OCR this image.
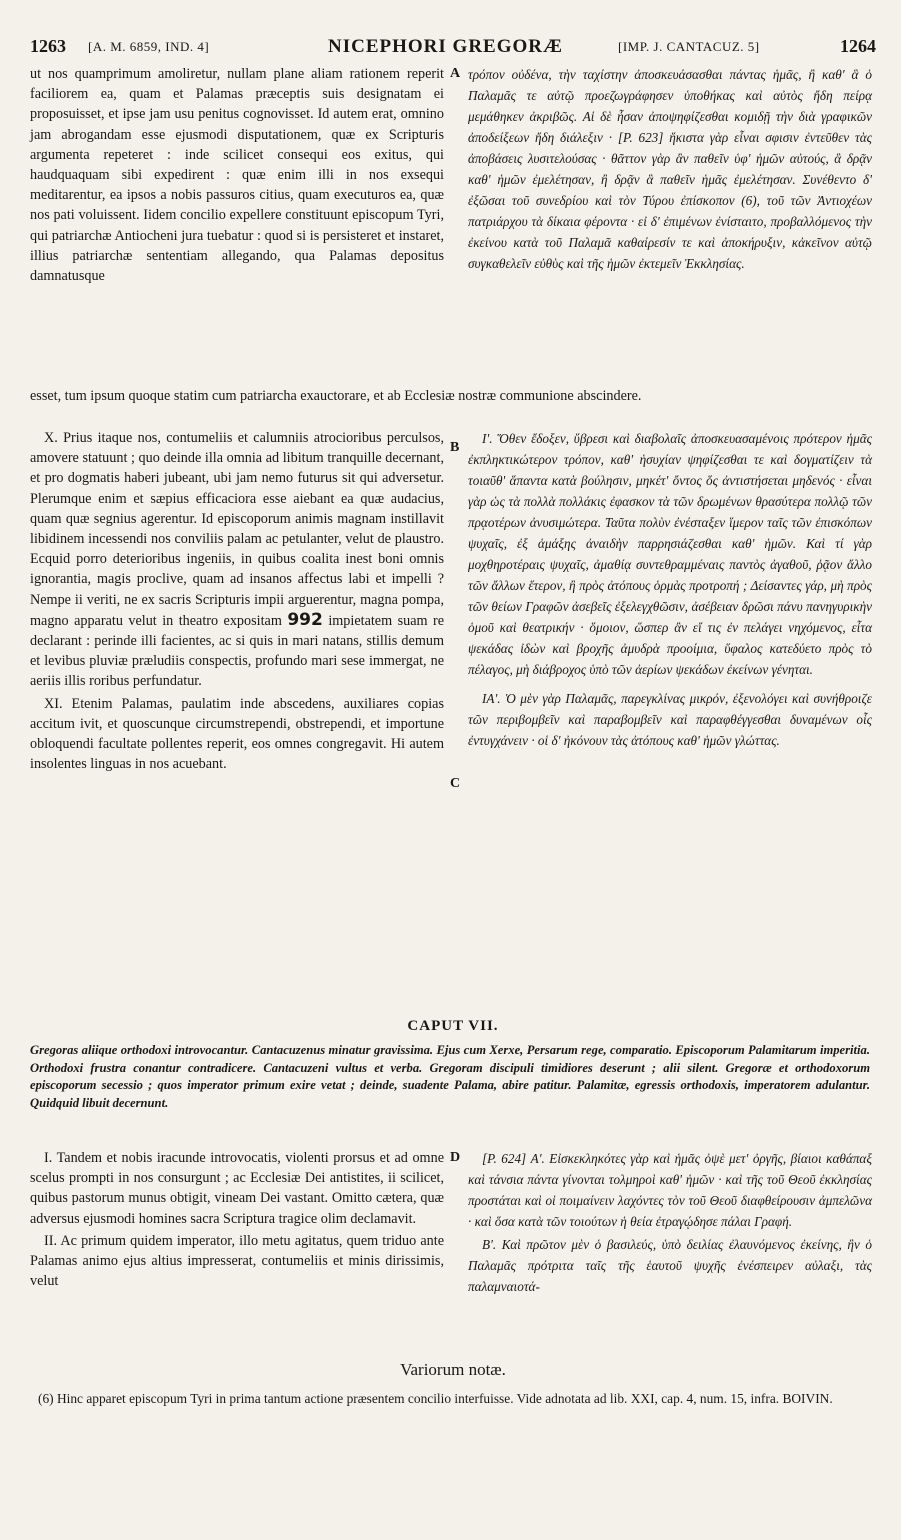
1263 [A. M. 6859, IND. 4]	NICEPHORI GREGORÆ	[IMP. J. CANTACUZ. 5]	1264

ut nos quamprimum amoliretur, nullam plane aliam rationem reperit faciliorem ea, quam et Palamas præceptis suis designatam ei proposuisset, et ipse jam usu penitus cognovisset. Id autem erat, omnino jam abrogandam esse ejusmodi disputationem, quæ ex Scripturis argumenta repeteret : inde scilicet consequi eos exitus, qui haudquaquam sibi expedirent : quæ enim illi in nos exsequi meditarentur, ea ipsos a nobis passuros citius, quam executuros ea, quæ nos pati voluissent. Iidem concilio expellere constituunt episcopum Tyri, qui patriarchæ Antiocheni jura tuebatur : quod si is persisteret et instaret, illius patriarchæ sententiam allegando, qua Palamas depositus damnatusque

A τρόπον οὐδένα, τὴν ταχίστην ἀποσκευάσασθαι πάντας ἡμᾶς, ἢ καθ' ἃ ὁ Παλαμᾶς τε αὐτῷ προεζωγράφησεν ὑποθήκας καὶ αὐτὸς ἤδη πείρᾳ μεμάθηκεν ἀκριβῶς. Αἱ δὲ ἦσαν ἀποψηφίζεσθαι κομιδῇ τὴν διὰ γραφικῶν ἀποδείξεων ἤδη διάλεξιν · [P. 623] ἥκιστα γὰρ εἶναι σφισιν ἐντεῦθεν τὰς ἀποβάσεις λυσιτελούσας · θᾶττον γὰρ ἂν παθεῖν ὑφ' ἡμῶν αὐτούς, ἃ δρᾷν καθ' ἡμῶν ἐμελέτησαν, ἢ δρᾷν ἃ παθεῖν ἡμᾶς ἐμελέτησαν. Συνέθεντο δ' ἐξῶσαι τοῦ συνεδρίου καὶ τὸν Τύρου ἐπίσκοπον (6), τοῦ τῶν Ἀντιοχέων πατριάρχου τὰ δίκαια φέροντα · εἰ δ' ἐπιμένων ἐνίσταιτο, προβαλλόμενος τὴν ἐκείνου κατὰ τοῦ Παλαμᾶ καθαίρεσίν τε καὶ ἀποκήρυξιν, κἀκεῖνον αὐτῷ συγκαθελεῖν εὐθὺς καὶ τῆς ἡμῶν ἐκτεμεῖν Ἐκκλησίας.

esset, tum ipsum quoque statim cum patriarcha exauctorare, et ab Ecclesiæ nostræ communione abscindere.

X. Prius itaque nos, contumeliis et calumniis atrocioribus perculsos, amovere statuunt ; quo deinde illa omnia ad libitum tranquille decernant, et pro dogmatis haberi jubeant, ubi jam nemo futurus sit qui adversetur. Plerumque enim et sæpius efficaciora esse aiebant ea quæ audacius, quam quæ segnius agerentur. Id episcoporum animis magnam instillavit libidinem incessendi nos conviliis palam ac petulanter, velut de plaustro. Ecquid porro deterioribus ingeniis, in quibus coalita inest boni omnis ignorantia, magis proclive, quam ad insanos affectus labi et impelli ? Nempe ii veriti, ne ex sacris Scripturis impii arguerentur, magna pompa, magno apparatu velut in theatro expositam 992 impietatem suam re declarant : perinde illi facientes, ac si quis in mari natans, stillis demum et levibus pluviæ præludiis conspectis, profundo mari sese immergat, ne aeriis illis roribus perfundatur.

XI. Etenim Palamas, paulatim inde abscedens, auxiliares copias accitum ivit, et quoscunque circumstrependi, obstrependi, et importune obloquendi facultate pollentes reperit, eos omnes congregavit. Hi autem insolentes linguas in nos acuebant.

B
C

Ι'. Ὅθεν ἔδοξεν, ὕβρεσι καὶ διαβολαῖς ἀποσκευασαμένοις πρότερον ἡμᾶς ἐκπληκτικώτερον τρόπον, καθ' ἡσυχίαν ψηφίζεσθαι τε καὶ δογματίζειν τὰ τοιαῦθ' ἅπαντα κατὰ βούλησιν, μηκέτ' ὄντος ὅς ἀντιστήσεται μηδενός · εἶναι γὰρ ὡς τὰ πολλὰ πολλάκις ἐφασκον τὰ τῶν δρωμένων θρασύτερα πολλῷ τῶν πρᾳοτέρων ἀνυσιμώτερα. Ταῦτα πολὺν ἐνέσταξεν ἵμερον ταῖς τῶν ἐπισκόπων ψυχαῖς, ἐξ ἁμάξης ἀναιδὴν παρρησιάζεσθαι καθ' ἡμῶν. Καὶ τί γὰρ μοχθηροτέραις ψυχαῖς, ἀμαθίᾳ συντεθραμμέναις παντὸς ἀγαθοῦ, ῥᾷον ἄλλο τῶν ἄλλων ἕτερον, ἢ πρὸς ἀτόπους ὁρμὰς προτροπή ; Δείσαντες γάρ, μὴ πρὸς τῶν θείων Γραφῶν ἀσεβεῖς ἐξελεγχθῶσιν, ἀσέβειαν δρῶσι πάνυ πανηγυρικὴν ὁμοῦ καὶ θεατρικήν · ὅμοιον, ὥσπερ ἂν εἴ τις ἐν πελάγει νηχόμενος, εἶτα ψεκάδας ἰδὼν καὶ βροχῆς ἀμυδρὰ προοίμια, ὕφαλος κατεδύετο πρὸς τὸ πέλαγος, μὴ διάβροχος ὑπὸ τῶν ἀερίων ψεκάδων ἐκείνων γένηται.

ΙΑ'. Ὁ μὲν γὰρ Παλαμᾶς, παρεγκλίνας μικρόν, ἐξενολόγει καὶ συνήθροιζε τῶν περιβομβεῖν καὶ παραβομβεῖν καὶ παραφθέγγεσθαι δυναμένων οἷς ἐντυγχάνειν · οἱ δ' ἠκόνουν τὰς ἀτόπους καθ' ἡμῶν γλώττας.

CAPUT VII.
Gregoras aliique orthodoxi introvocantur. Cantacuzenus minatur gravissima. Ejus cum Xerxe, Persarum rege, comparatio. Episcoporum Palamitarum imperitia. Orthodoxi frustra conantur contradicere. Cantacuzeni vultus et verba. Gregoram discipuli timidiores deserunt ; alii silent. Gregoræ et orthodoxorum episcoporum secessio ; quos imperator primum exire vetat ; deinde, suadente Palama, abire patitur. Palamitæ, egressis orthodoxis, imperatorem adulantur. Quidquid libuit decernunt.

I. Tandem et nobis iracunde introvocatis, violenti prorsus et ad omne scelus prompti in nos consurgunt ; ac Ecclesiæ Dei antistites, ii scilicet, quibus pastorum munus obtigit, vineam Dei vastant. Omitto cætera, quæ adversus ejusmodi homines sacra Scriptura tragice olim declamavit.

II. Ac primum quidem imperator, illo metu agitatus, quem triduo ante Palamas animo ejus altius impresserat, contumeliis et minis dirissimis, velut

D	[P. 624] Α'. Εἰσκεκληκότες γὰρ καὶ ἡμᾶς ὀψὲ μετ' ὀργῆς, βίαιοι καθάπαξ καὶ τάνσια πάντα γίνονται τολμηροὶ καθ' ἡμῶν · καὶ τῆς τοῦ Θεοῦ ἐκκλησίας προστάται καὶ οἱ ποιμαίνειν λαχόντες τὸν τοῦ Θεοῦ διαφθείρουσιν ἀμπελῶνα · καὶ ὅσα κατὰ τῶν τοιούτων ἡ θεία ἐτραγῴδησε πάλαι Γραφή.

Β'. Καὶ πρῶτον μὲν ὁ βασιλεύς, ὑπὸ δειλίας ἐλαυνόμενος ἐκείνης, ἣν ὁ Παλαμᾶς πρότριτα ταῖς τῆς ἑαυτοῦ ψυχῆς ἐνέσπειρεν αὐλαξι, τὰς παλαμναιοτά-

Variorum notæ.
(6) Hinc apparet episcopum Tyri in prima tantum actione præsentem concilio interfuisse. Vide adnotata ad lib. XXI, cap. 4, num. 15, infra. BOIVIN.
